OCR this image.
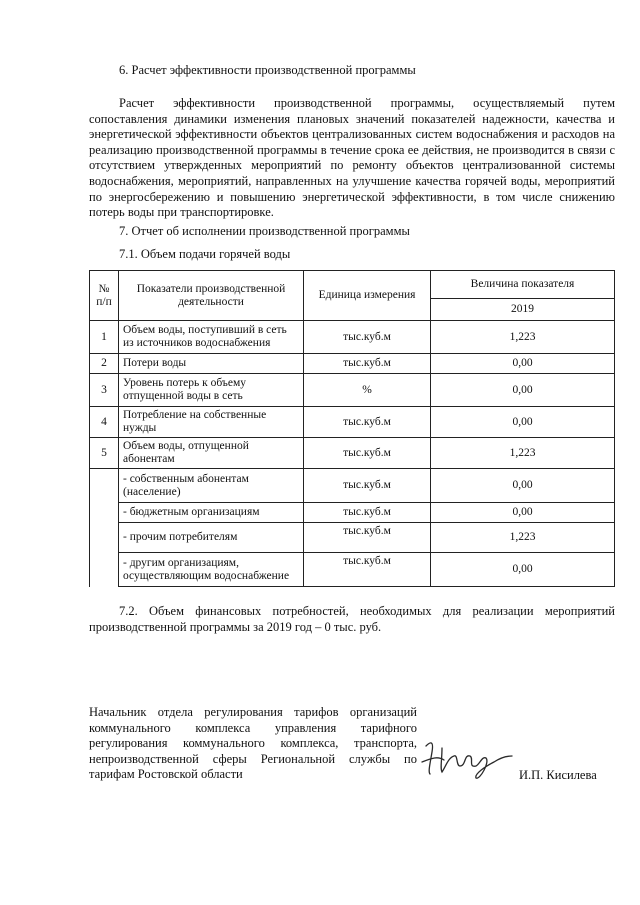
6. Расчет эффективности производственной программы

Расчет эффективности производственной программы, осуществляемый путем сопоставления динамики изменения плановых значений показателей надежности, качества и энергетической эффективности объектов централизованных систем водоснабжения и расходов на реализацию производственной программы в течение срока ее действия, не производится в связи с отсутствием утвержденных мероприятий по ремонту объектов централизованной системы водоснабжения, мероприятий, направленных на улучшение качества горячей воды, мероприятий по энергосбережению и повышению энергетической эффективности, в том числе снижению потерь воды при транспортировке.

7. Отчет об исполнении производственной программы
7.1. Объем подачи горячей воды
№ п/п	Показатели производственной деятельности	Единица измерения	Величина показателя
			2019
1	Объем воды, поступивший в сеть из источников водоснабжения	тыс.куб.м	1,223
2	Потери воды	тыс.куб.м	0,00
3	Уровень потерь к объему отпущенной воды в сеть	%	0,00
4	Потребление на собственные нужды	тыс.куб.м	0,00
5	Объем воды, отпущенной абонентам	тыс.куб.м	1,223
	- собственным абонентам (население)	тыс.куб.м	0,00
	- бюджетным организациям	тыс.куб.м	0,00
	- прочим потребителям	тыс.куб.м	1,223
	- другим организациям, осуществляющим водоснабжение	тыс.куб.м	0,00

7.2. Объем финансовых потребностей, необходимых для реализации мероприятий производственной программы за 2019 год – 0 тыс. руб.

Начальник отдела регулирования тарифов организаций коммунального комплекса управления тарифного регулирования коммунального комплекса, транспорта, непроизводственной сферы Региональной службы по тарифам Ростовской области	И.П. Кисилева
